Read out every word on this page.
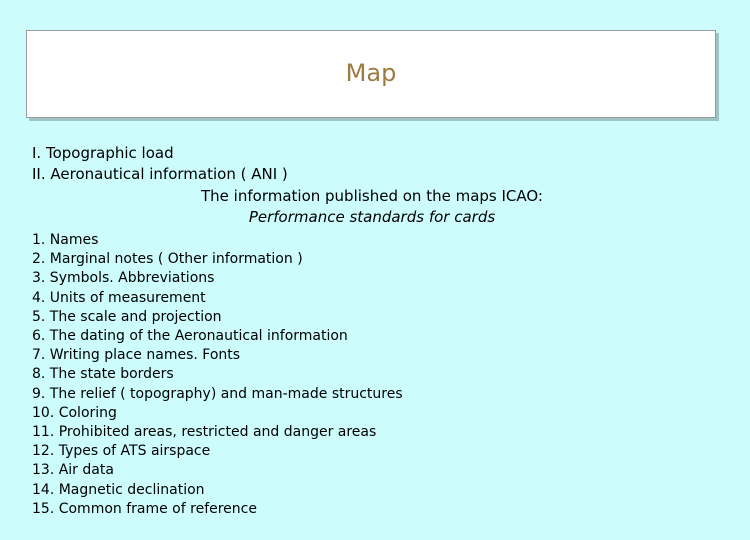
Map
I. Topographic load
II. Aeronautical information ( ANI )
The information published on the maps ICAO:
Performance standards for cards
1. Names
2. Marginal notes ( Other information )
3. Symbols. Abbreviations
4. Units of measurement
5. The scale and projection
6. The dating of the Aeronautical information
7. Writing place names. Fonts
8. The state borders
9. The relief ( topography) and man-made structures
10. Coloring
11. Prohibited areas, restricted and danger areas
12. Types of ATS airspace
13. Air data
14. Magnetic declination
15. Common frame of reference
